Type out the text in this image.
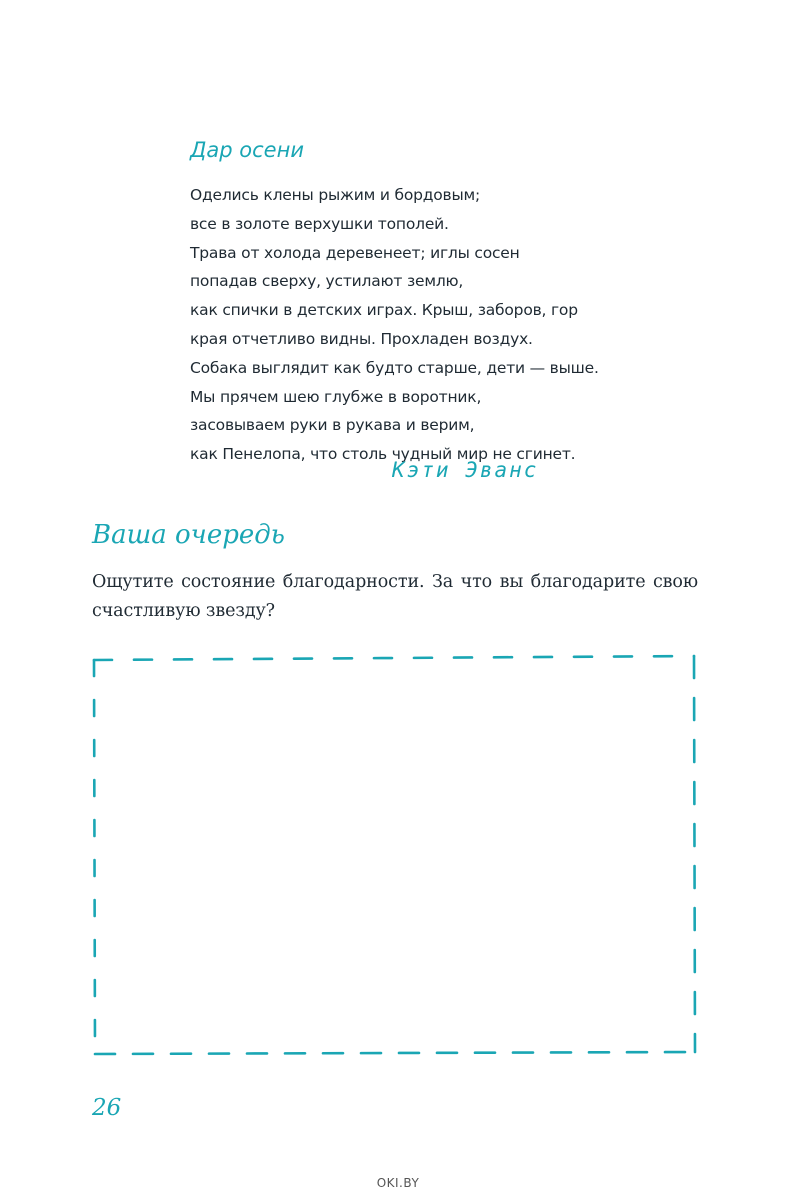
Дар осени
Оделись клены рыжим и бордовым;
все в золоте верхушки тополей.
Трава от холода деревенеет; иглы сосен
попадав сверху, устилают землю,
как спички в детских играх. Крыш, заборов, гор
края отчетливо видны. Прохладен воздух.
Собака выглядит как будто старше, дети — выше.
Мы прячем шею глубже в воротник,
засовываем руки в рукава и верим,
как Пенелопа, что столь чудный мир не сгинет.
Кэти Эванс
Ваша очередь

Ощутите состояние благодарности. За что вы благодарите свою счастливую звезду?

26
OKI.BY
